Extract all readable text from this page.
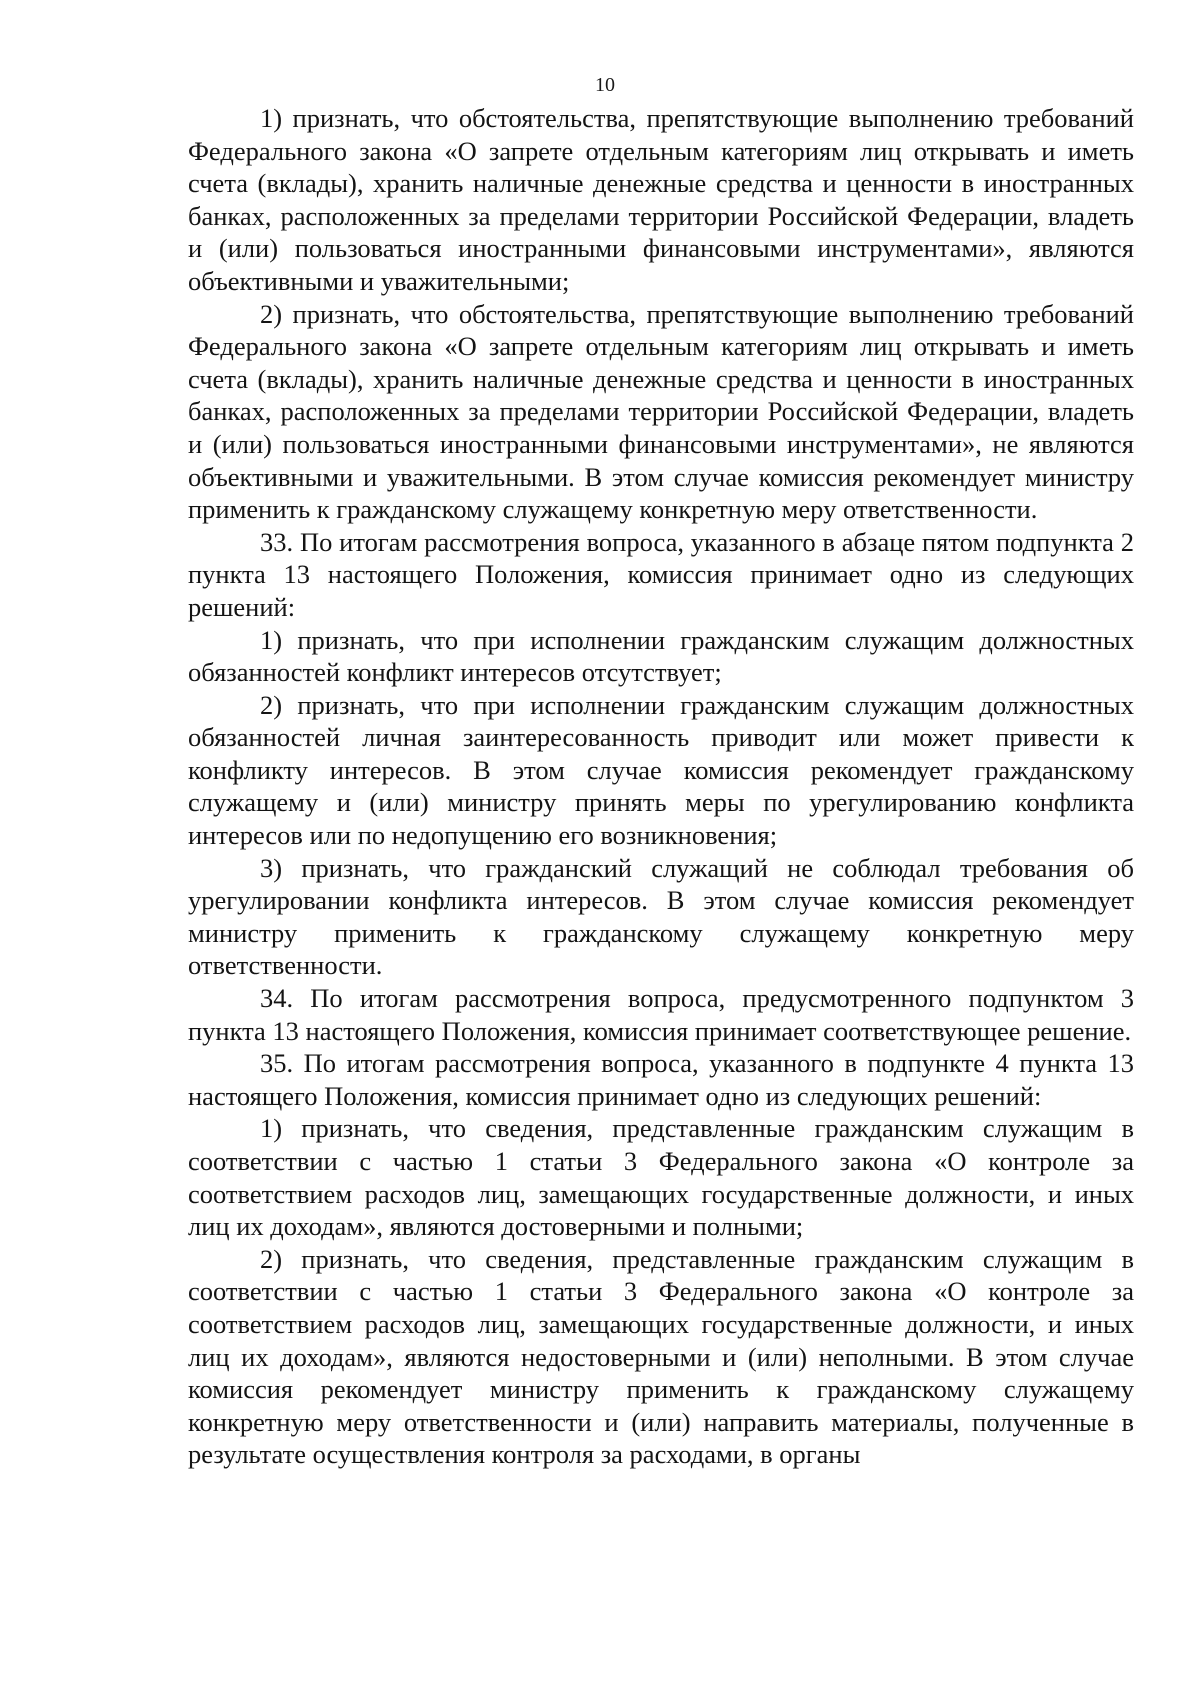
10

1) признать, что обстоятельства, препятствующие выполнению требований Федерального закона «О запрете отдельным категориям лиц открывать и иметь счета (вклады), хранить наличные денежные средства и ценности в иностранных банках, расположенных за пределами территории Российской Федерации, владеть и (или) пользоваться иностранными финансовыми инструментами», являются объективными и уважительными;

2) признать, что обстоятельства, препятствующие выполнению требований Федерального закона «О запрете отдельным категориям лиц открывать и иметь счета (вклады), хранить наличные денежные средства и ценности в иностранных банках, расположенных за пределами территории Российской Федерации, владеть и (или) пользоваться иностранными финансовыми инструментами», не являются объективными и уважительными. В этом случае комиссия рекомендует министру применить к гражданскому служащему конкретную меру ответственности.

33. По итогам рассмотрения вопроса, указанного в абзаце пятом подпункта 2 пункта 13 настоящего Положения, комиссия принимает одно из следующих решений:

1) признать, что при исполнении гражданским служащим должностных обязанностей конфликт интересов отсутствует;

2) признать, что при исполнении гражданским служащим должностных обязанностей личная заинтересованность приводит или может привести к конфликту интересов. В этом случае комиссия рекомендует гражданскому служащему и (или) министру принять меры по урегулированию конфликта интересов или по недопущению его возникновения;

3) признать, что гражданский служащий не соблюдал требования об урегулировании конфликта интересов. В этом случае комиссия рекомендует министру применить к гражданскому служащему конкретную меру ответственности.

34. По итогам рассмотрения вопроса, предусмотренного подпунктом 3 пункта 13 настоящего Положения, комиссия принимает соответствующее решение.

35. По итогам рассмотрения вопроса, указанного в подпункте 4 пункта 13 настоящего Положения, комиссия принимает одно из следующих решений:

1) признать, что сведения, представленные гражданским служащим в соответствии с частью 1 статьи 3 Федерального закона «О контроле за соответствием расходов лиц, замещающих государственные должности, и иных лиц их доходам», являются достоверными и полными;

2) признать, что сведения, представленные гражданским служащим в соответствии с частью 1 статьи 3 Федерального закона «О контроле за соответствием расходов лиц, замещающих государственные должности, и иных лиц их доходам», являются недостоверными и (или) неполными. В этом случае комиссия рекомендует министру применить к гражданскому служащему конкретную меру ответственности и (или) направить материалы, полученные в результате осуществления контроля за расходами, в органы
